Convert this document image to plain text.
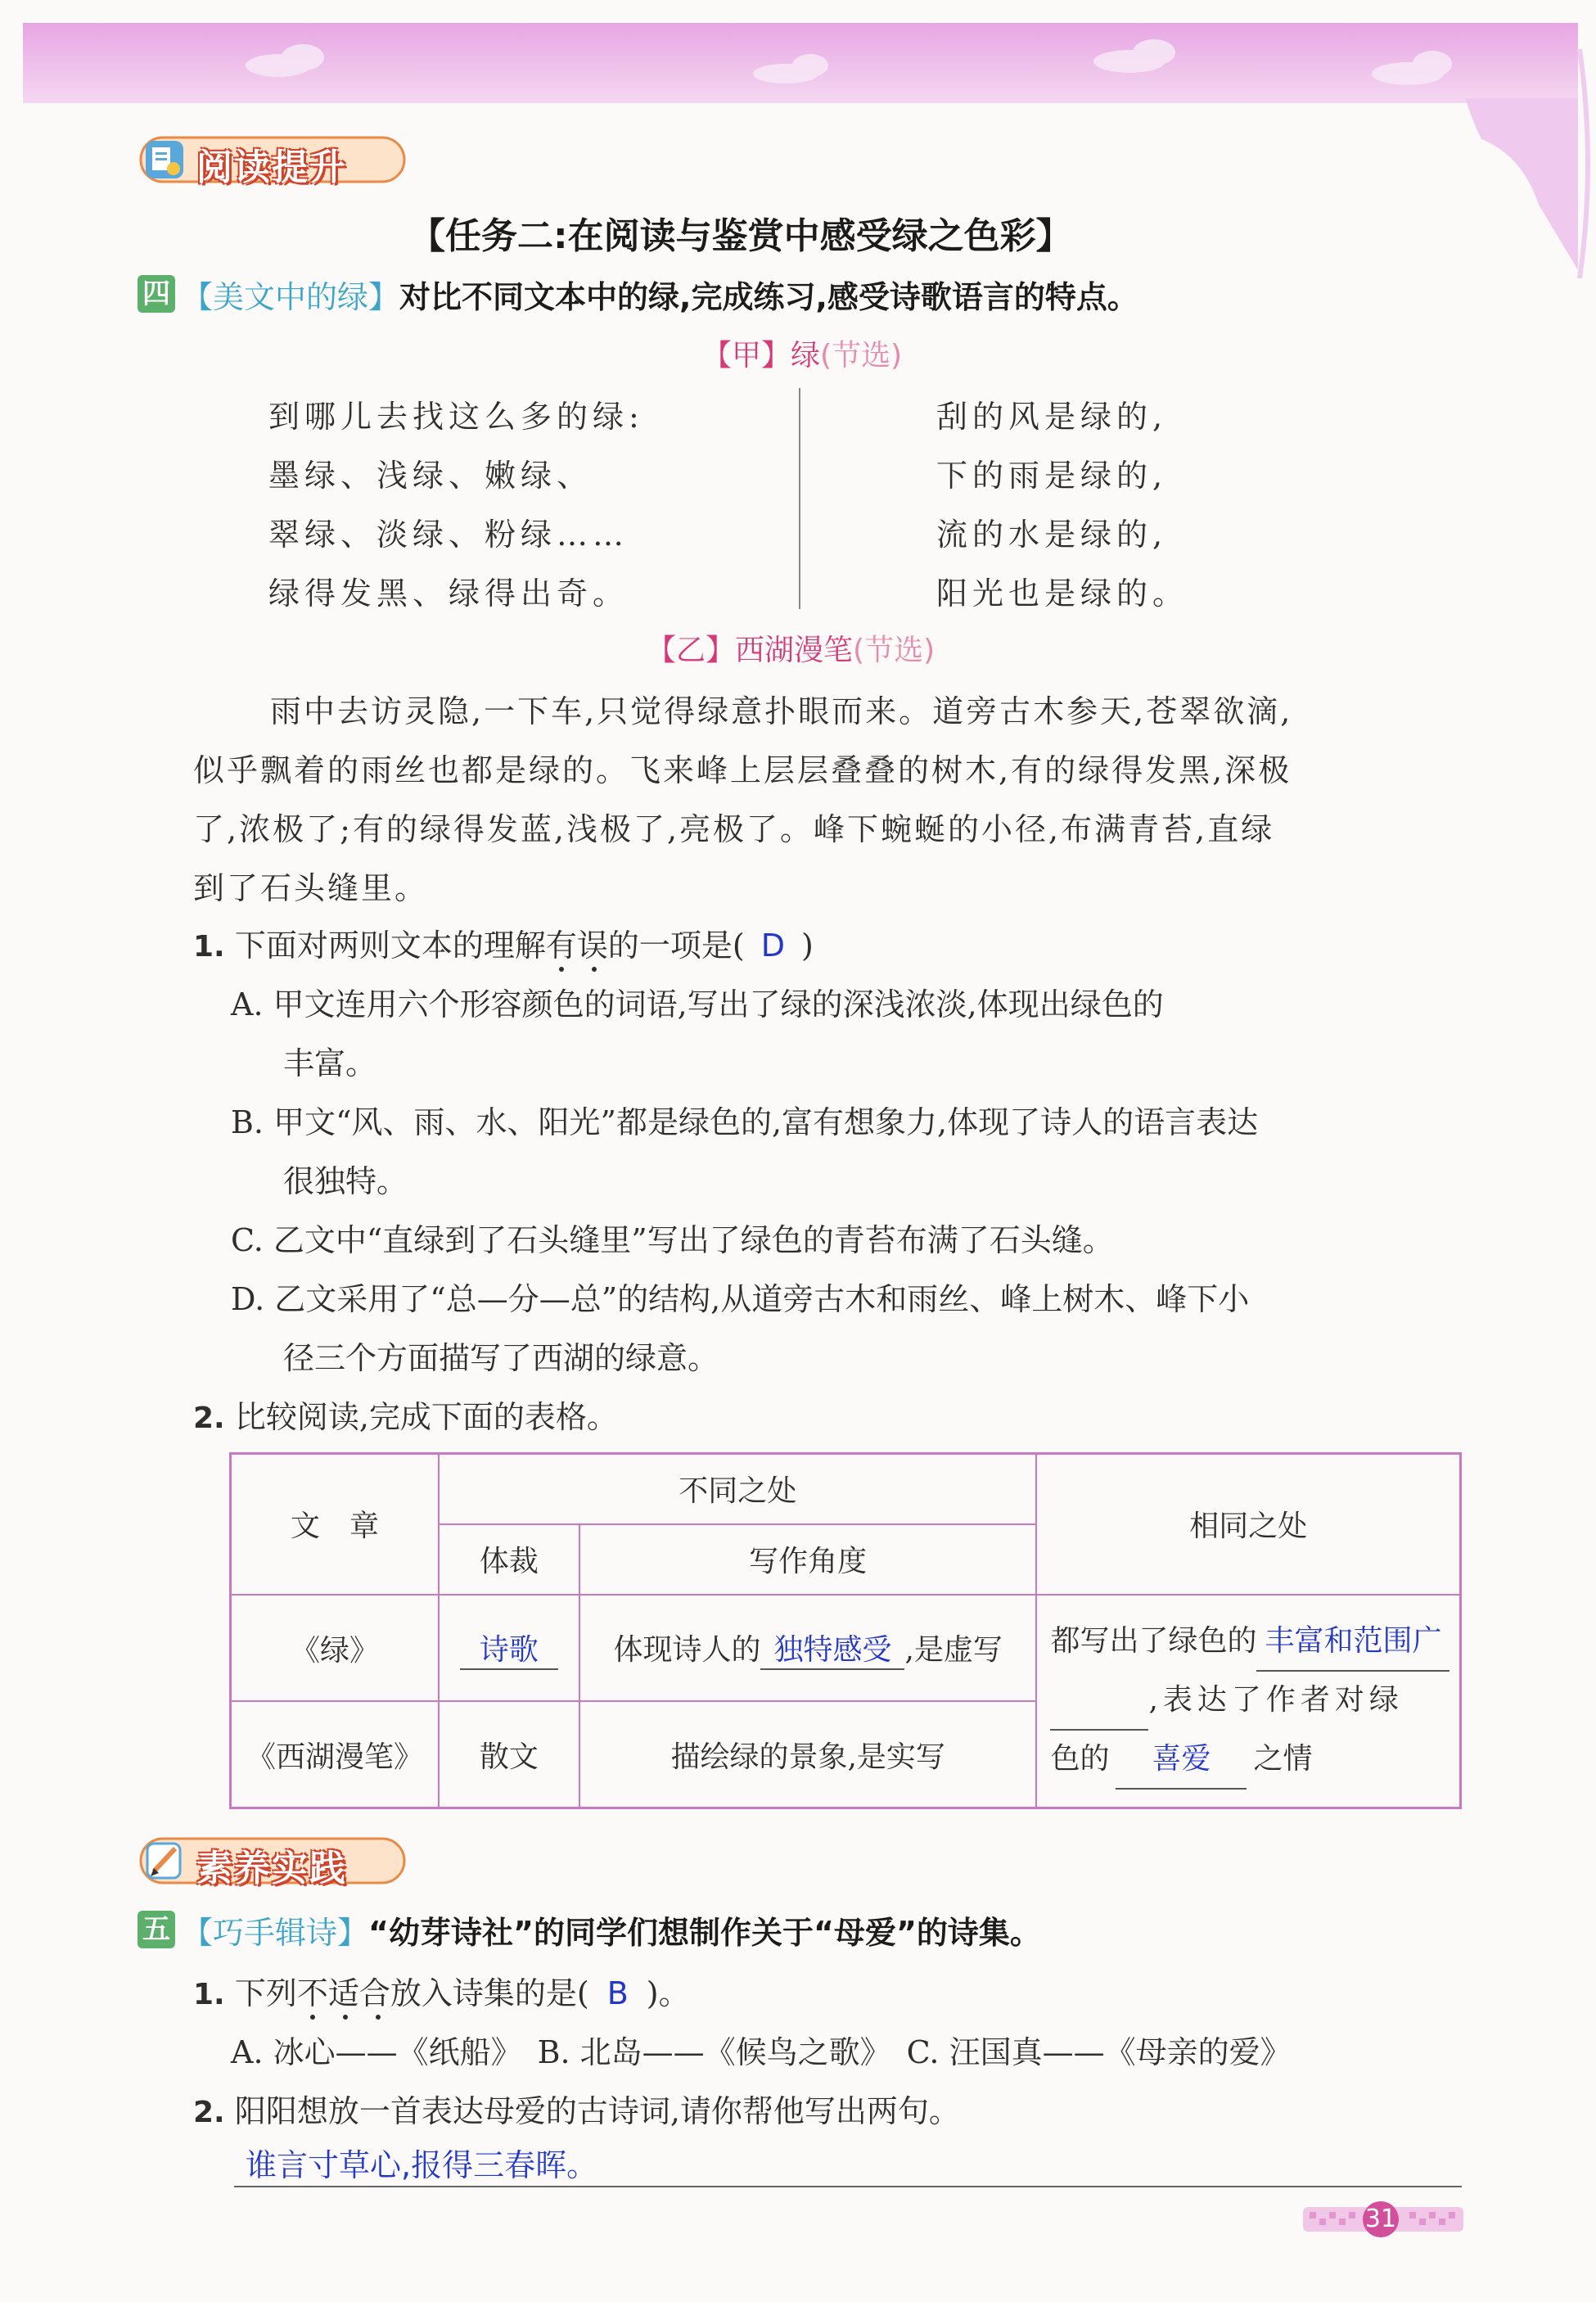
阅读提升
【任务二:在阅读与鉴赏中感受绿之色彩】
四 【美文中的绿】对比不同文本中的绿,完成练习,感受诗歌语言的特点。
【甲】绿(节选)
到哪儿去找这么多的绿:
墨绿、浅绿、嫩绿、
翠绿、淡绿、粉绿……
绿得发黑、绿得出奇。
刮的风是绿的,
下的雨是绿的,
流的水是绿的,
阳光也是绿的。
【乙】西湖漫笔(节选)
雨中去访灵隐,一下车,只觉得绿意扑眼而来。道旁古木参天,苍翠欲滴,
似乎飘着的雨丝也都是绿的。飞来峰上层层叠叠的树木,有的绿得发黑,深极
了,浓极了;有的绿得发蓝,浅极了,亮极了。峰下蜿蜒的小径,布满青苔,直绿
到了石头缝里。
1. 下面对两则文本的理解有误
的一项是( D )
A. 甲文连用六个形容颜色的词语,写出了绿的深浅浓淡,体现出绿色的
丰富。
B. 甲文“风、雨、水、阳光”都是绿色的,富有想象力,体现了诗人的语言表达
很独特。
C. 乙文中“直绿到了石头缝里”写出了绿色的青苔布满了石头缝。
D. 乙文采用了“总—分—总”的结构,从道旁古木和雨丝、峰上树木、峰下小
径三个方面描写了西湖的绿意。
2. 比较阅读,完成下面的表格。
文　章	不同之处		相同之处
	体裁	写作角度	
《绿》	诗歌	体现诗人的 独特感受 ,是虚写	都写出了绿色的 丰富和范围广
,表达了作者对绿
色的 喜爱 之情

《西湖漫笔》	散文	描绘绿的景象,是实写	
素养实践
五 【巧手辑诗】“幼芽诗社”的同学们想制作关于“母爱”的诗集。
1. 下列不适合
放入诗集的是( B )。
A. 冰心——《纸船》　B. 北岛——《候鸟之歌》　C. 汪国真——《母亲的爱》
2. 阳阳想放一首表达母爱的古诗词,请你帮他写出两句。
谁言寸草心,报得三春晖。
31
